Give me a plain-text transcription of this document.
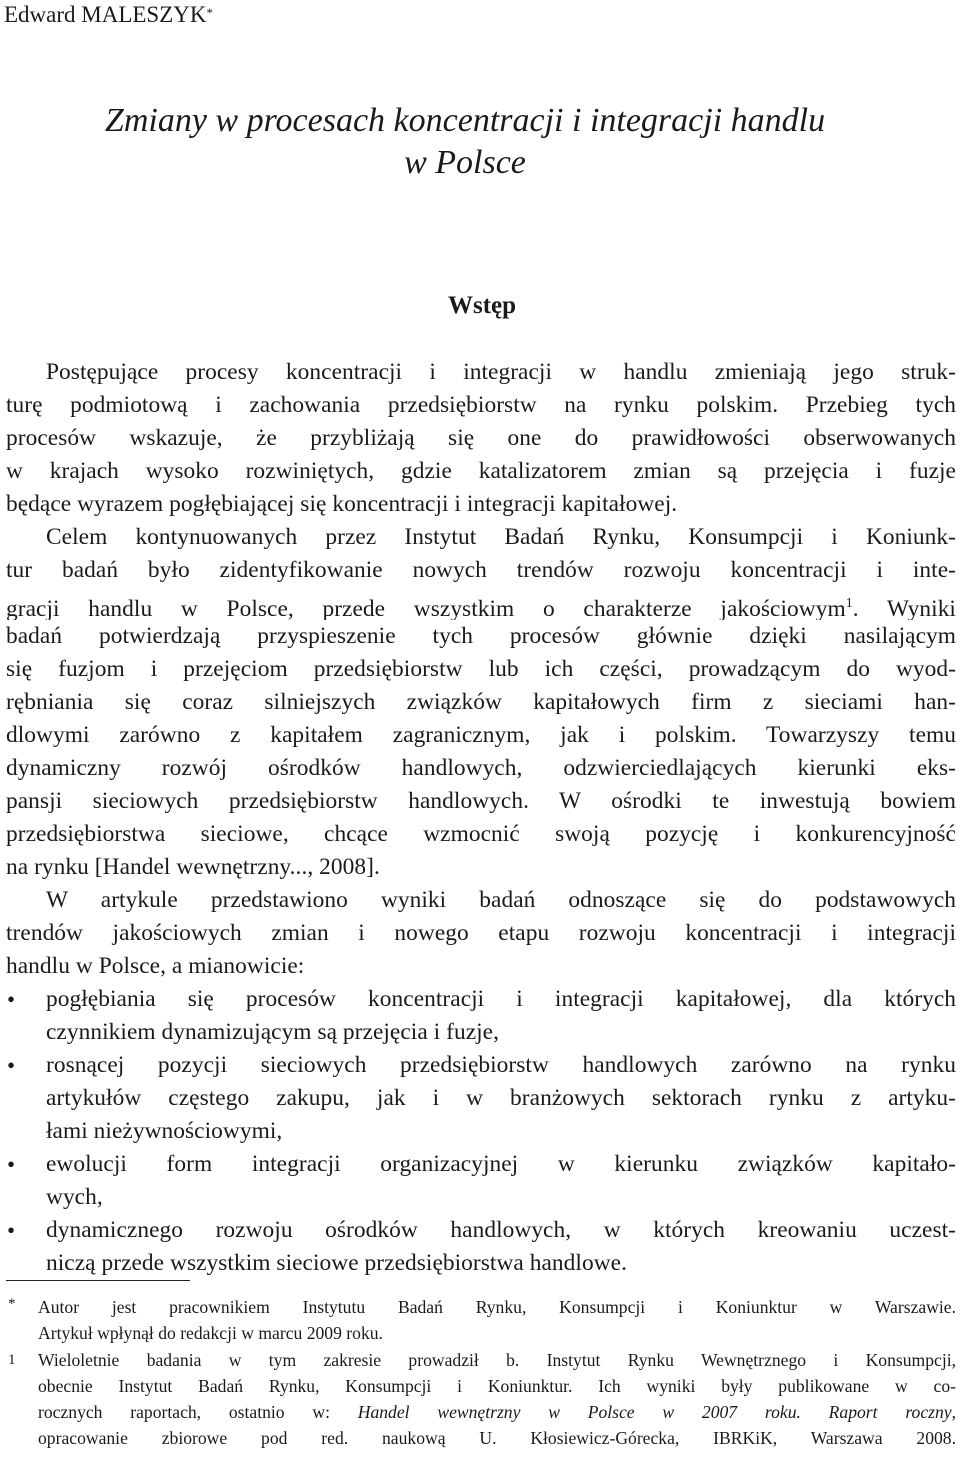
Edward MALESZYK*
Zmiany w procesach koncentracji i integracji handlu
w Polsce
Wstęp
Postępujące procesy koncentracji i integracji w handlu zmieniają jego struk-
turę podmiotową i zachowania przedsiębiorstw na rynku polskim. Przebieg tych
procesów wskazuje, że przybliżają się one do prawidłowości obserwowanych
w krajach wysoko rozwiniętych, gdzie katalizatorem zmian są przejęcia i fuzje
będące wyrazem pogłębiającej się koncentracji i integracji kapitałowej.
Celem kontynuowanych przez Instytut Badań Rynku, Konsumpcji i Koniunk-
tur badań było zidentyfikowanie nowych trendów rozwoju koncentracji i inte-
gracji handlu w Polsce, przede wszystkim o charakterze jakościowym$^1$. Wyniki
badań potwierdzają przyspieszenie tych procesów głównie dzięki nasilającym
się fuzjom i przejęciom przedsiębiorstw lub ich części, prowadzącym do wyod-
rębniania się coraz silniejszych związków kapitałowych firm z sieciami han-
dlowymi zarówno z kapitałem zagranicznym, jak i polskim. Towarzyszy temu
dynamiczny rozwój ośrodków handlowych, odzwierciedlających kierunki eks-
pansji sieciowych przedsiębiorstw handlowych. W ośrodki te inwestują bowiem
przedsiębiorstwa sieciowe, chcące wzmocnić swoją pozycję i konkurencyjność
na rynku [Handel wewnętrzny..., 2008].
W artykule przedstawiono wyniki badań odnoszące się do podstawowych
trendów jakościowych zmian i nowego etapu rozwoju koncentracji i integracji
handlu w Polsce, a mianowicie:
• pogłębiania się procesów koncentracji i integracji kapitałowej, dla których
czynnikiem dynamizującym są przejęcia i fuzje,
• rosnącej pozycji sieciowych przedsiębiorstw handlowych zarówno na rynku
artykułów częstego zakupu, jak i w branżowych sektorach rynku z artyku-
łami nieżywnościowymi,
• ewolucji form integracji organizacyjnej w kierunku związków kapitało-
wych,
• dynamicznego rozwoju ośrodków handlowych, w których kreowaniu uczest-
niczą przede wszystkim sieciowe przedsiębiorstwa handlowe.
* Autor jest pracownikiem Instytutu Badań Rynku, Konsumpcji i Koniunktur w Warszawie.
Artykuł wpłynął do redakcji w marcu 2009 roku.
1 Wieloletnie badania w tym zakresie prowadził b. Instytut Rynku Wewnętrznego i Konsumpcji,
obecnie Instytut Badań Rynku, Konsumpcji i Koniunktur. Ich wyniki były publikowane w co-
rocznych raportach, ostatnio w: Handel wewnętrzny w Polsce w 2007 roku. Raport roczny,
opracowanie zbiorowe pod red. naukową U. Kłosiewicz-Górecka, IBRKiK, Warszawa 2008.
